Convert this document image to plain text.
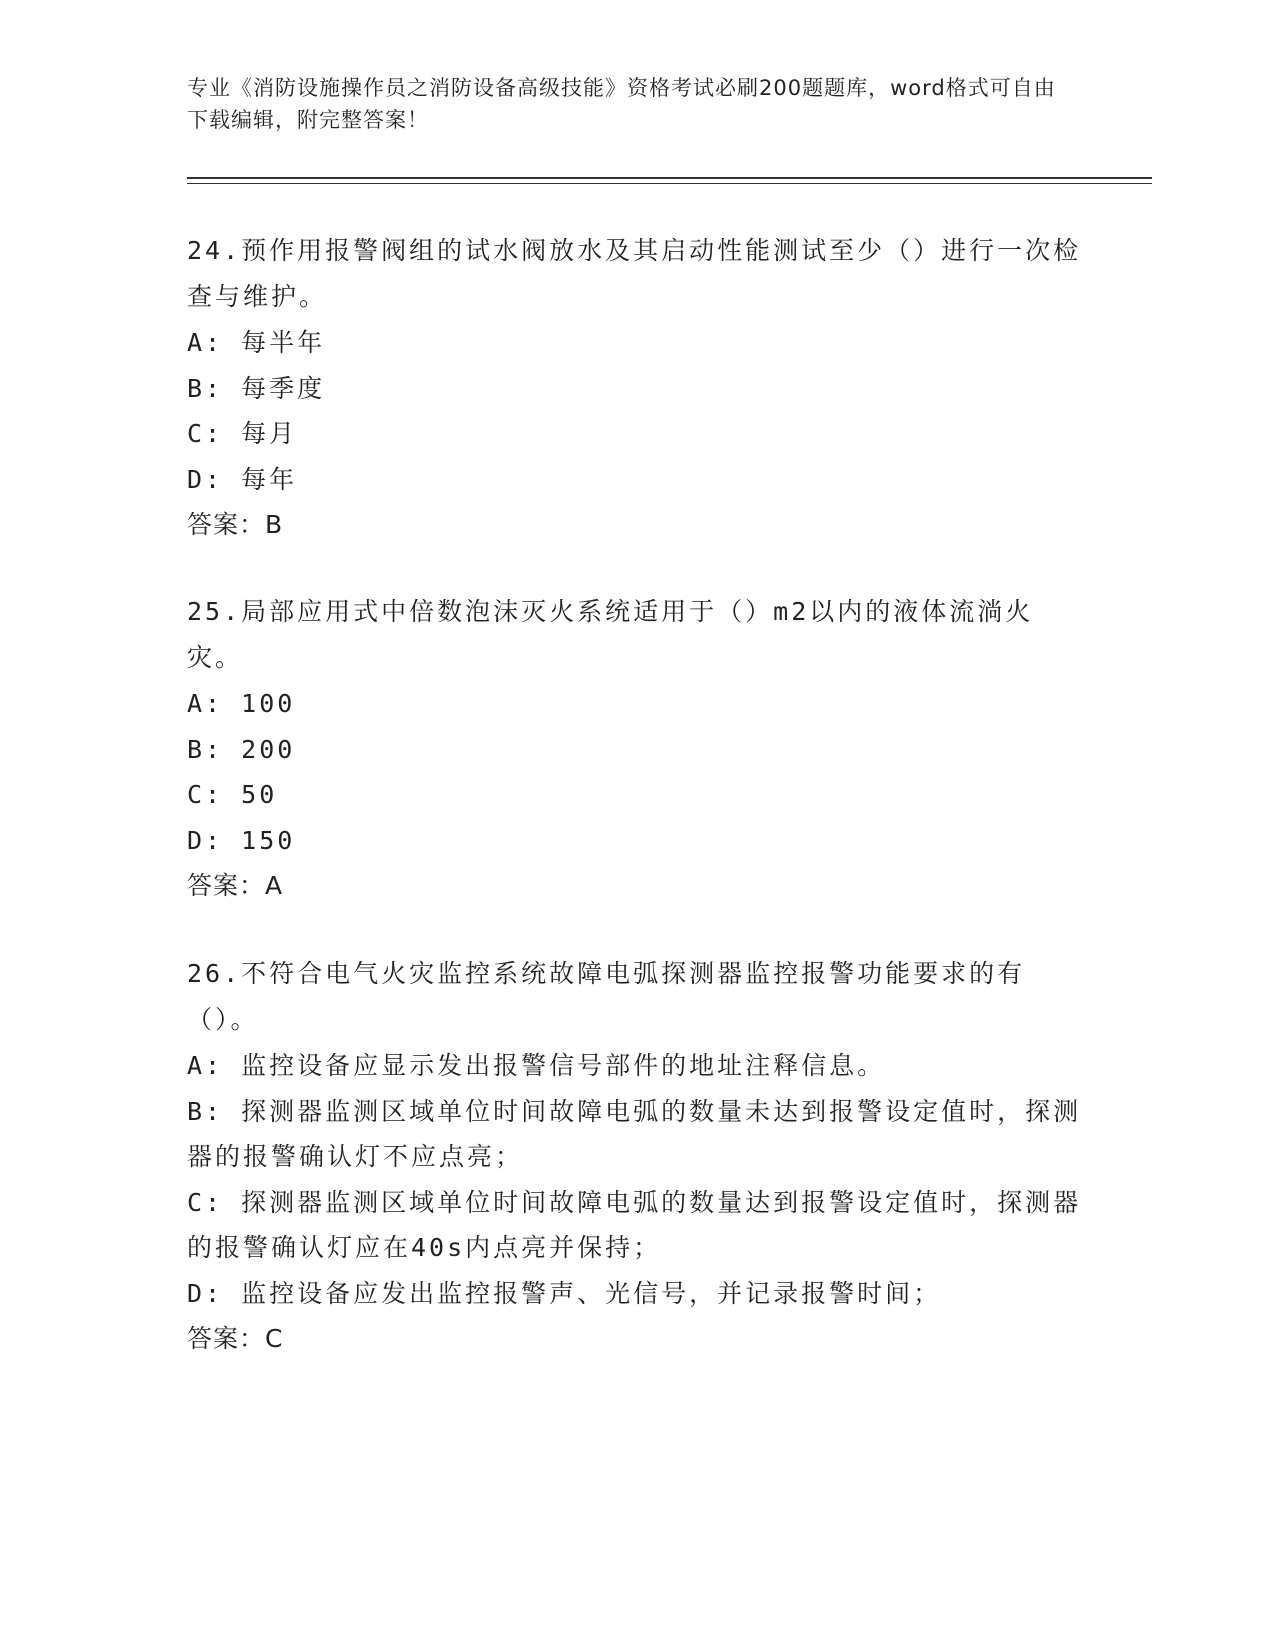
专业《消防设施操作员之消防设备高级技能》资格考试必刷200题题库，word格式可自由下载编辑，附完整答案！
24.预作用报警阀组的试水阀放水及其启动性能测试至少（）进行一次检查与维护。
A: 每半年
B: 每季度
C: 每月
D: 每年
答案：B
25.局部应用式中倍数泡沫灭火系统适用于（）m2以内的液体流淌火灾。
A: 100
B: 200
C: 50
D: 150
答案：A
26.不符合电气火灾监控系统故障电弧探测器监控报警功能要求的有（）。
A: 监控设备应显示发出报警信号部件的地址注释信息。
B: 探测器监测区域单位时间故障电弧的数量未达到报警设定值时，探测器的报警确认灯不应点亮；
C: 探测器监测区域单位时间故障电弧的数量达到报警设定值时，探测器的报警确认灯应在40s内点亮并保持；
D: 监控设备应发出监控报警声、光信号，并记录报警时间；
答案：C
